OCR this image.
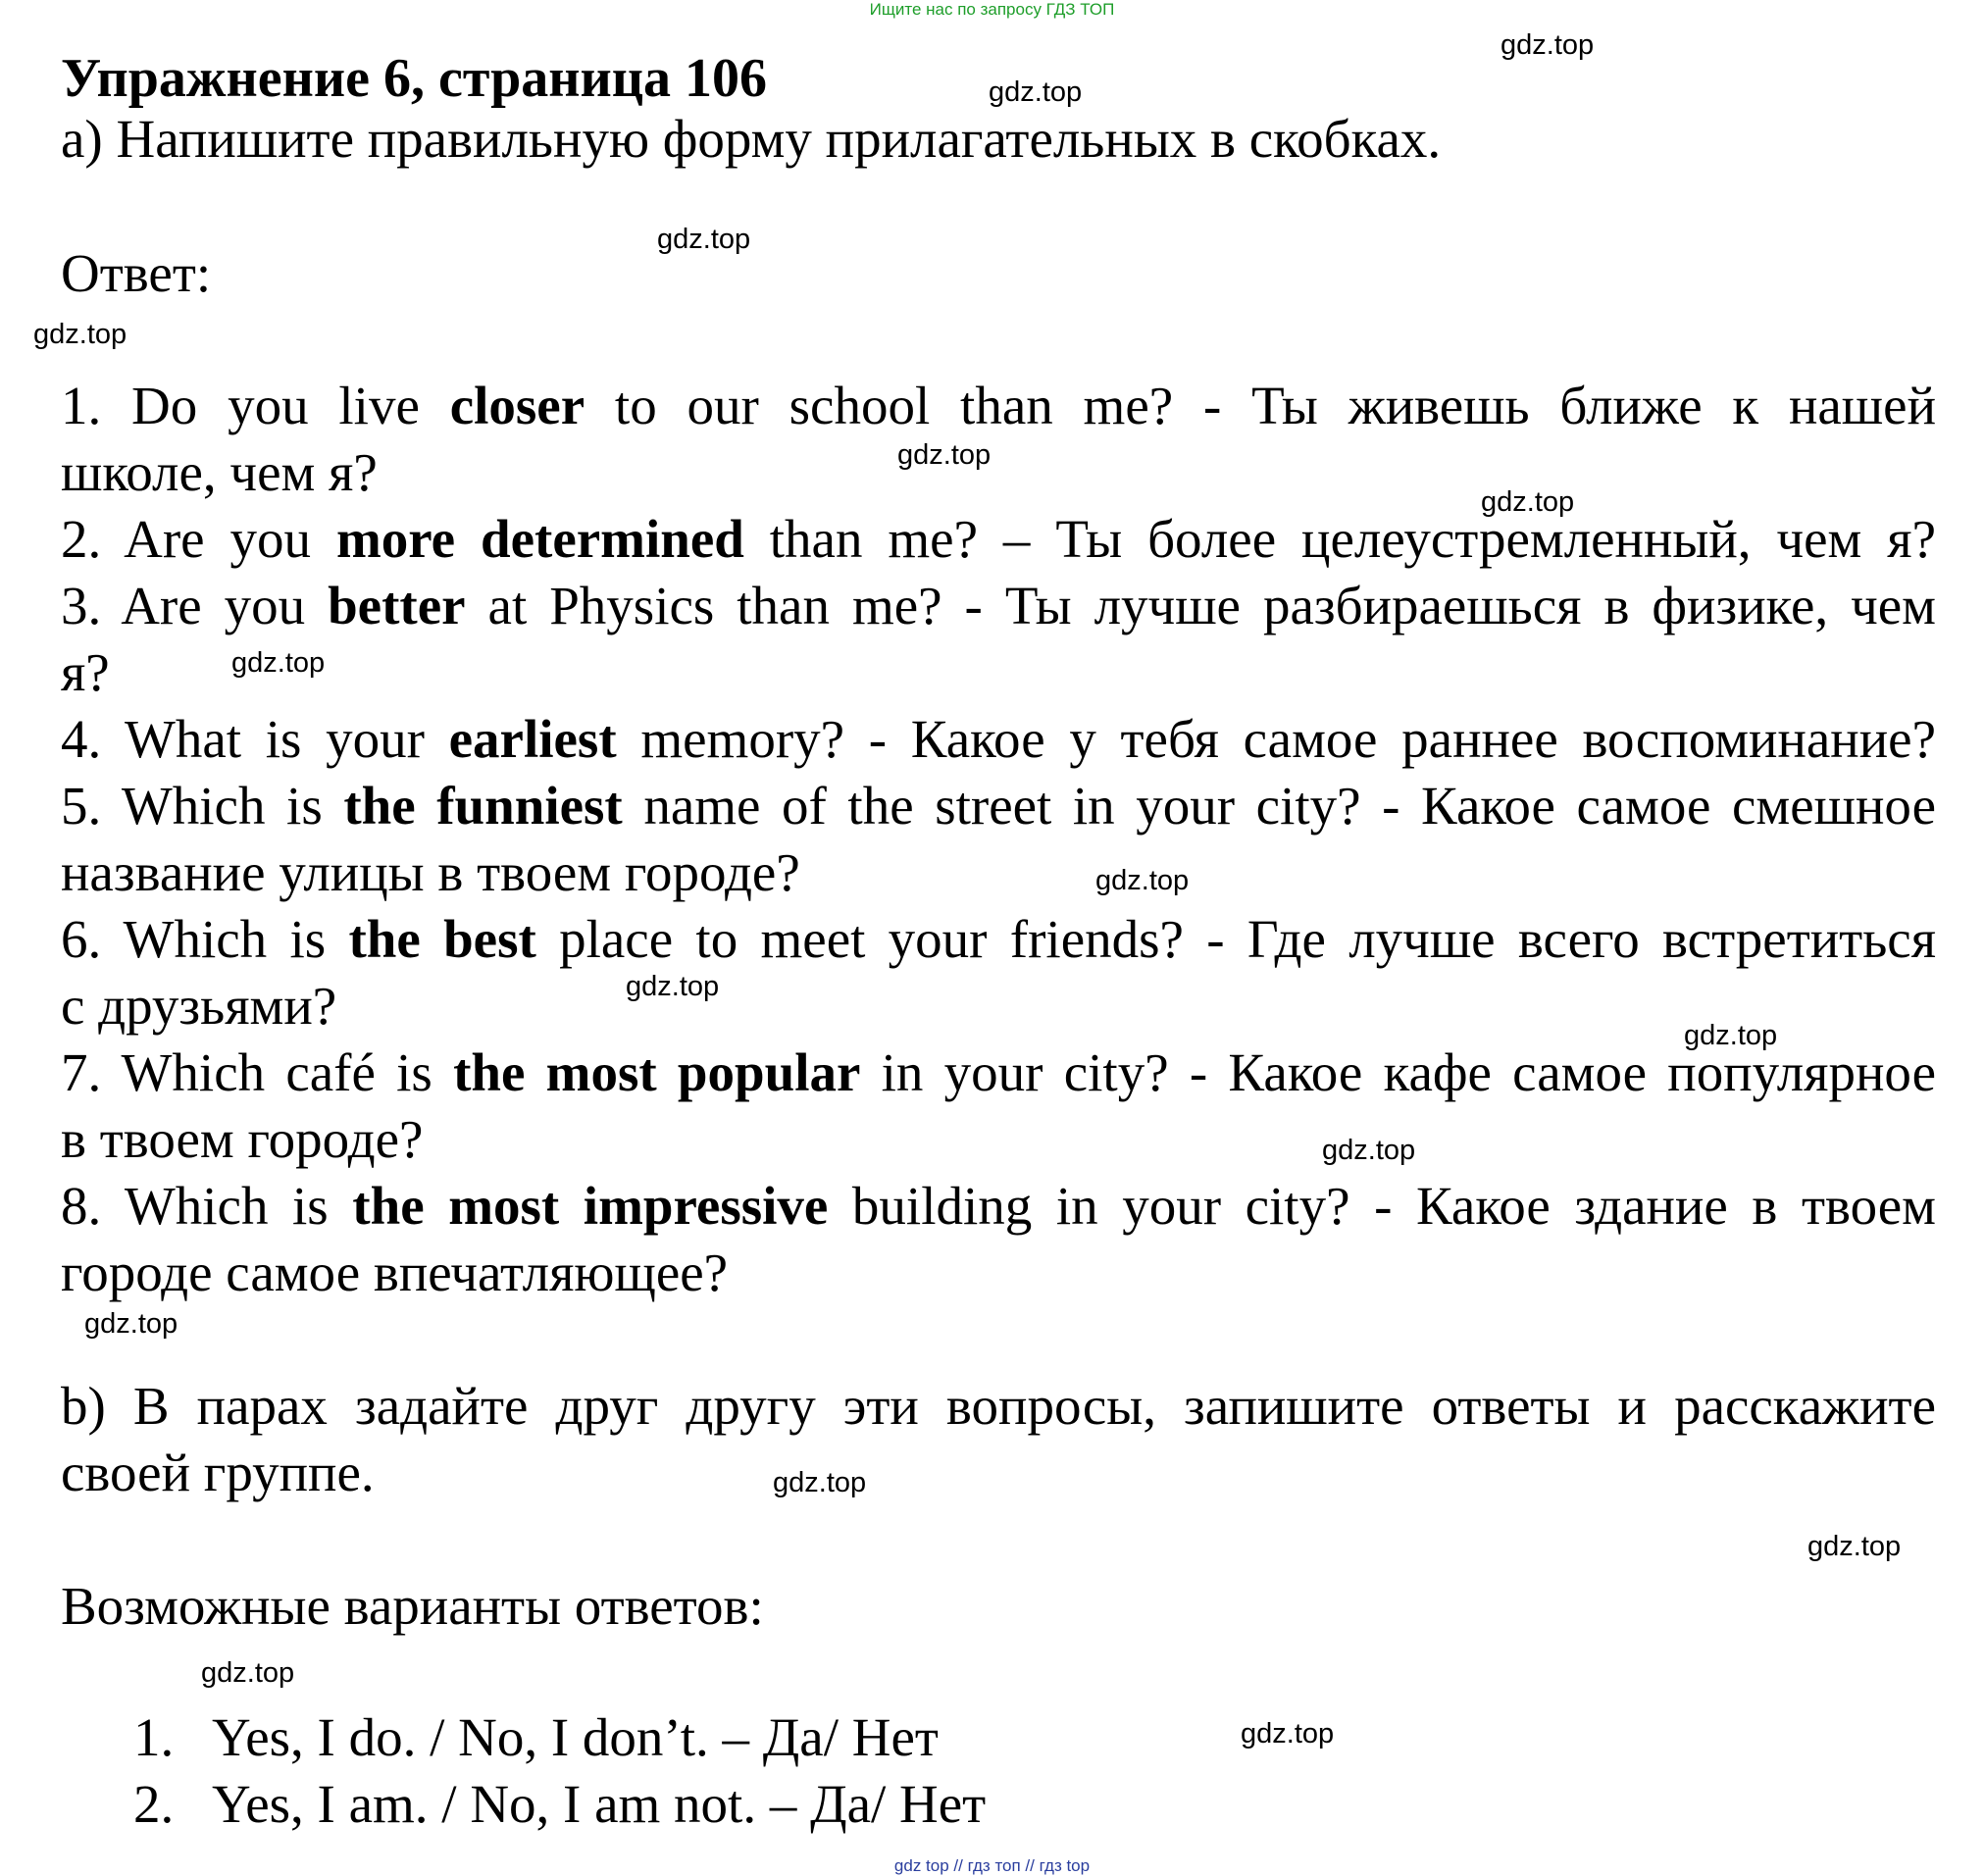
Ищите нас по запросу ГДЗ ТОП
Упражнение 6, страница 106
a) Напишите правильную форму прилагательных в скобках.
Ответ:
1. Do you live closer to our school than me? - Ты живешь ближе к нашей
школе, чем я?
2. Are you more determined than me? – Ты более целеустремленный, чем я?
3. Are you better at Physics than me? - Ты лучше разбираешься в физике, чем
я?
4. What is your earliest memory? - Какое у тебя самое раннее воспоминание?
5. Which is the funniest name of the street in your city? - Какое самое смешное
название улицы в твоем городе?
6. Which is the best place to meet your friends? - Где лучше всего встретиться
с друзьями?
7. Which café is the most popular in your city? - Какое кафе самое популярное
в твоем городе?
8. Which is the most impressive building in your city? - Какое здание в твоем
городе самое впечатляющее?
b) В парах задайте друг другу эти вопросы, запишите ответы и расскажите
своей группе.
Возможные варианты ответов:
1. Yes, I do. / No, I don’t. – Да/ Нет
2. Yes, I am. / No, I am not. – Да/ Нет
gdz.top
gdz.top
gdz.top
gdz.top
gdz.top
gdz.top
gdz.top
gdz.top
gdz.top
gdz.top
gdz.top
gdz.top
gdz.top
gdz.top
gdz.top
gdz.top
gdz top // гдз топ // гдз top
